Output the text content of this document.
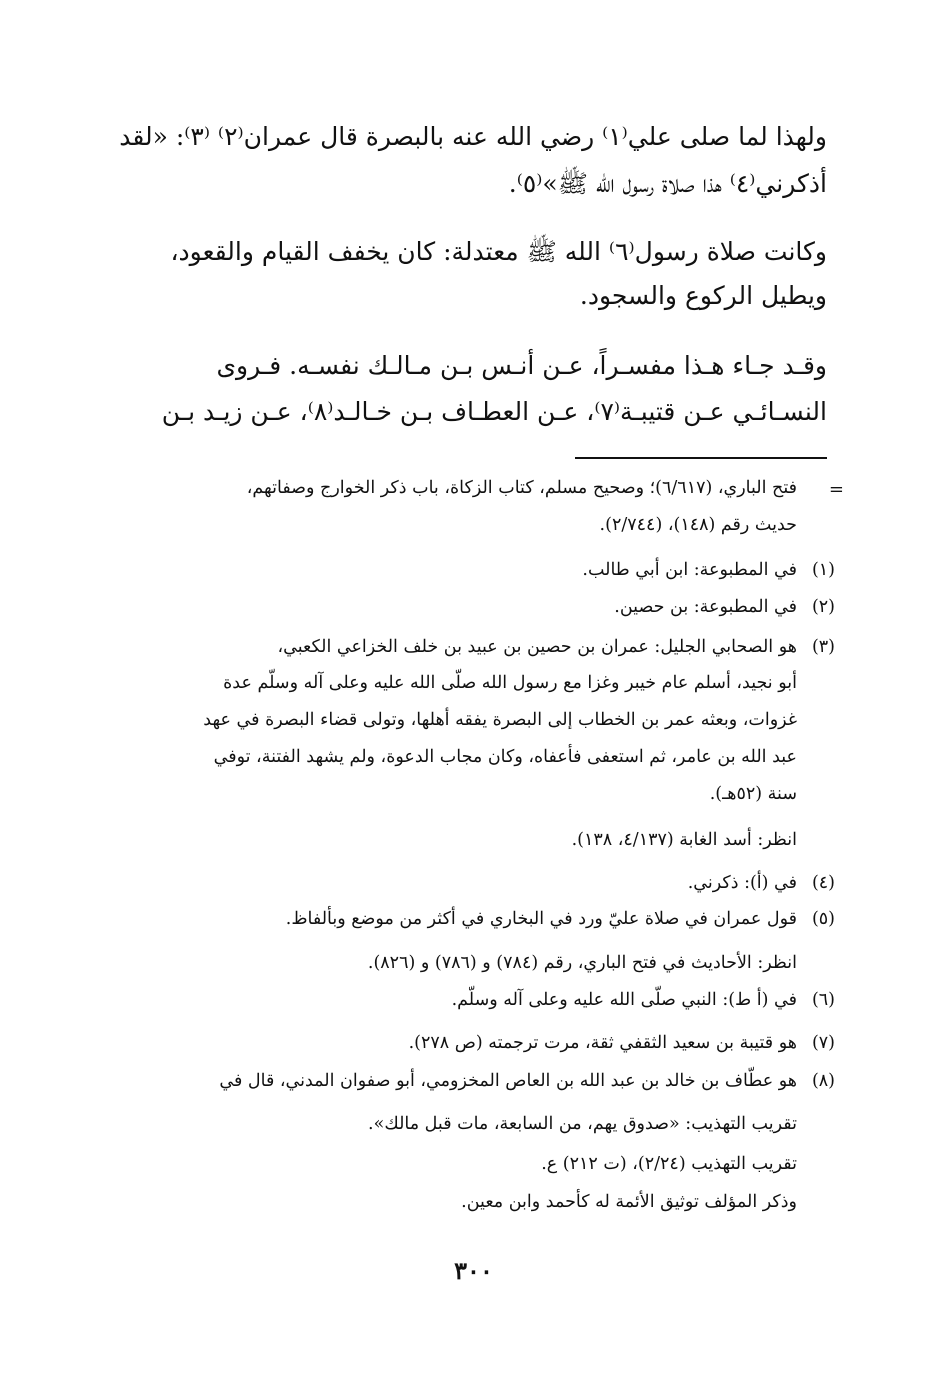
ولهذا لما صلى علي⁽١⁾ رضي الله عنه بالبصرة قال عمران⁽٢⁾ ⁽٣⁾: «لقد
أذكرني⁽٤⁾ هذا صلاة رسول الله ﷺ»⁽٥⁾.
وكانت صلاة رسول⁽٦⁾ الله ﷺ معتدلة: كان يخفف القيام والقعود،
ويطيل الركوع والسجود.
وقـد جـاء هـذا مفسـراً، عـن أنـس بـن مـالـك نفسـه. فـروى
النسـائـي عـن قتيبـة⁽٧⁾، عـن العطـاف بـن خـالـد⁽٨⁾، عـن زيـد بـن
=
فتح الباري، (٦/٦١٧)؛ وصحيح مسلم، كتاب الزكاة، باب ذكر الخوارج وصفاتهم،
حديث رقم (١٤٨)، (٢/٧٤٤).
(١)
في المطبوعة: ابن أبي طالب.
(٢)
في المطبوعة: بن حصين.
(٣)
هو الصحابي الجليل: عمران بن حصين بن عبيد بن خلف الخزاعي الكعبي،
أبو نجيد، أسلم عام خيبر وغزا مع رسول الله صلّى الله عليه وعلى آله وسلّم عدة
غزوات، وبعثه عمر بن الخطاب إلى البصرة يفقه أهلها، وتولى قضاء البصرة في عهد
عبد الله بن عامر، ثم استعفى فأعفاه، وكان مجاب الدعوة، ولم يشهد الفتنة، توفي
سنة (٥٢هـ).
انظر: أسد الغابة (٤/١٣٧، ١٣٨).
(٤)
في (أ): ذكرني.
(٥)
قول عمران في صلاة عليّ ورد في البخاري في أكثر من موضع وبألفاظ.
انظر: الأحاديث في فتح الباري، رقم (٧٨٤) و (٧٨٦) و (٨٢٦).
(٦)
في (أ ط): النبي صلّى الله عليه وعلى آله وسلّم.
(٧)
هو قتيبة بن سعيد الثقفي ثقة، مرت ترجمته (ص ٢٧٨).
(٨)
هو عطّاف بن خالد بن عبد الله بن العاص المخزومي، أبو صفوان المدني، قال في
تقريب التهذيب: «صدوق يهم، من السابعة، مات قبل مالك».
تقريب التهذيب (٢/٢٤)، (ت ٢١٢) ع.
وذكر المؤلف توثيق الأئمة له كأحمد وابن معين.
٣٠٠
